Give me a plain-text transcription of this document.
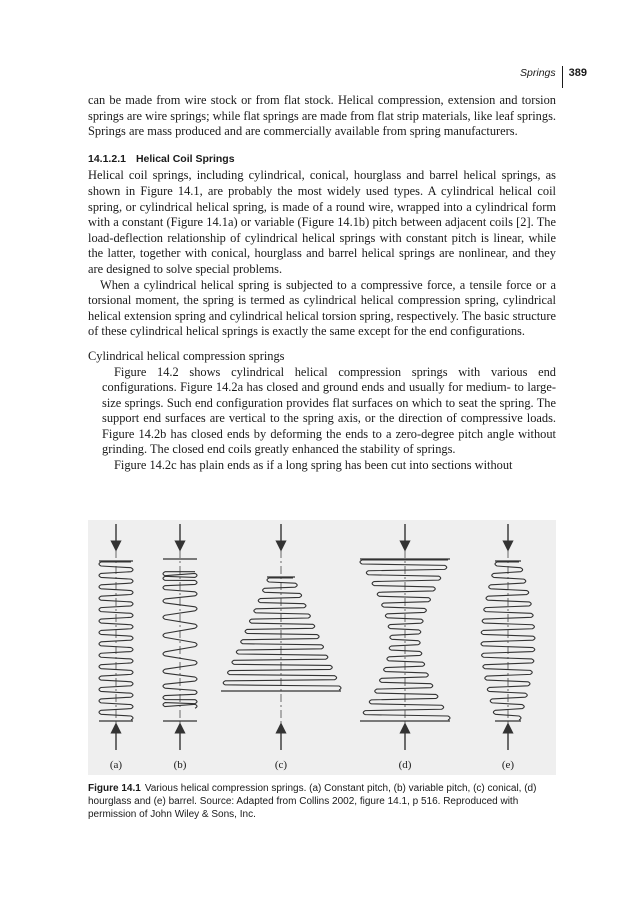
Springs 389

can be made from wire stock or from flat stock. Helical compression, extension and torsion springs are wire springs; while flat springs are made from flat strip materials, like leaf springs. Springs are mass produced and are commercially available from spring manufacturers.

14.1.2.1 Helical Coil Springs

Helical coil springs, including cylindrical, conical, hourglass and barrel helical springs, as shown in Figure 14.1, are probably the most widely used types. A cylindrical helical coil spring, or cylindrical helical spring, is made of a round wire, wrapped into a cylindrical form with a constant (Figure 14.1a) or variable (Figure 14.1b) pitch between adjacent coils [2]. The load-deflection relationship of cylindrical helical springs with constant pitch is linear, while the latter, together with conical, hourglass and barrel helical springs are nonlinear, and they are designed to solve special problems.

When a cylindrical helical spring is subjected to a compressive force, a tensile force or a torsional moment, the spring is termed as cylindrical helical compression spring, cylindrical helical extension spring and cylindrical helical torsion spring, respectively. The basic structure of these cylindrical helical springs is exactly the same except for the end configurations.

Cylindrical helical compression springs

Figure 14.2 shows cylindrical helical compression springs with various end configurations. Figure 14.2a has closed and ground ends and usually for medium- to large-size springs. Such end configuration provides flat surfaces on which to seat the spring. The support end surfaces are vertical to the spring axis, or the direction of compressive loads. Figure 14.2b has closed ends by deforming the ends to a zero-degree pitch angle without grinding. The closed end coils greatly enhanced the stability of springs.

Figure 14.2c has plain ends as if a long spring has been cut into sections without

(a)	(b)	(c)	(d)	(e)
Figure 14.1 Various helical compression springs. (a) Constant pitch, (b) variable pitch, (c) conical, (d) hourglass and (e) barrel. Source: Adapted from Collins 2002, figure 14.1, p 516. Reproduced with permission of John Wiley & Sons, Inc.
